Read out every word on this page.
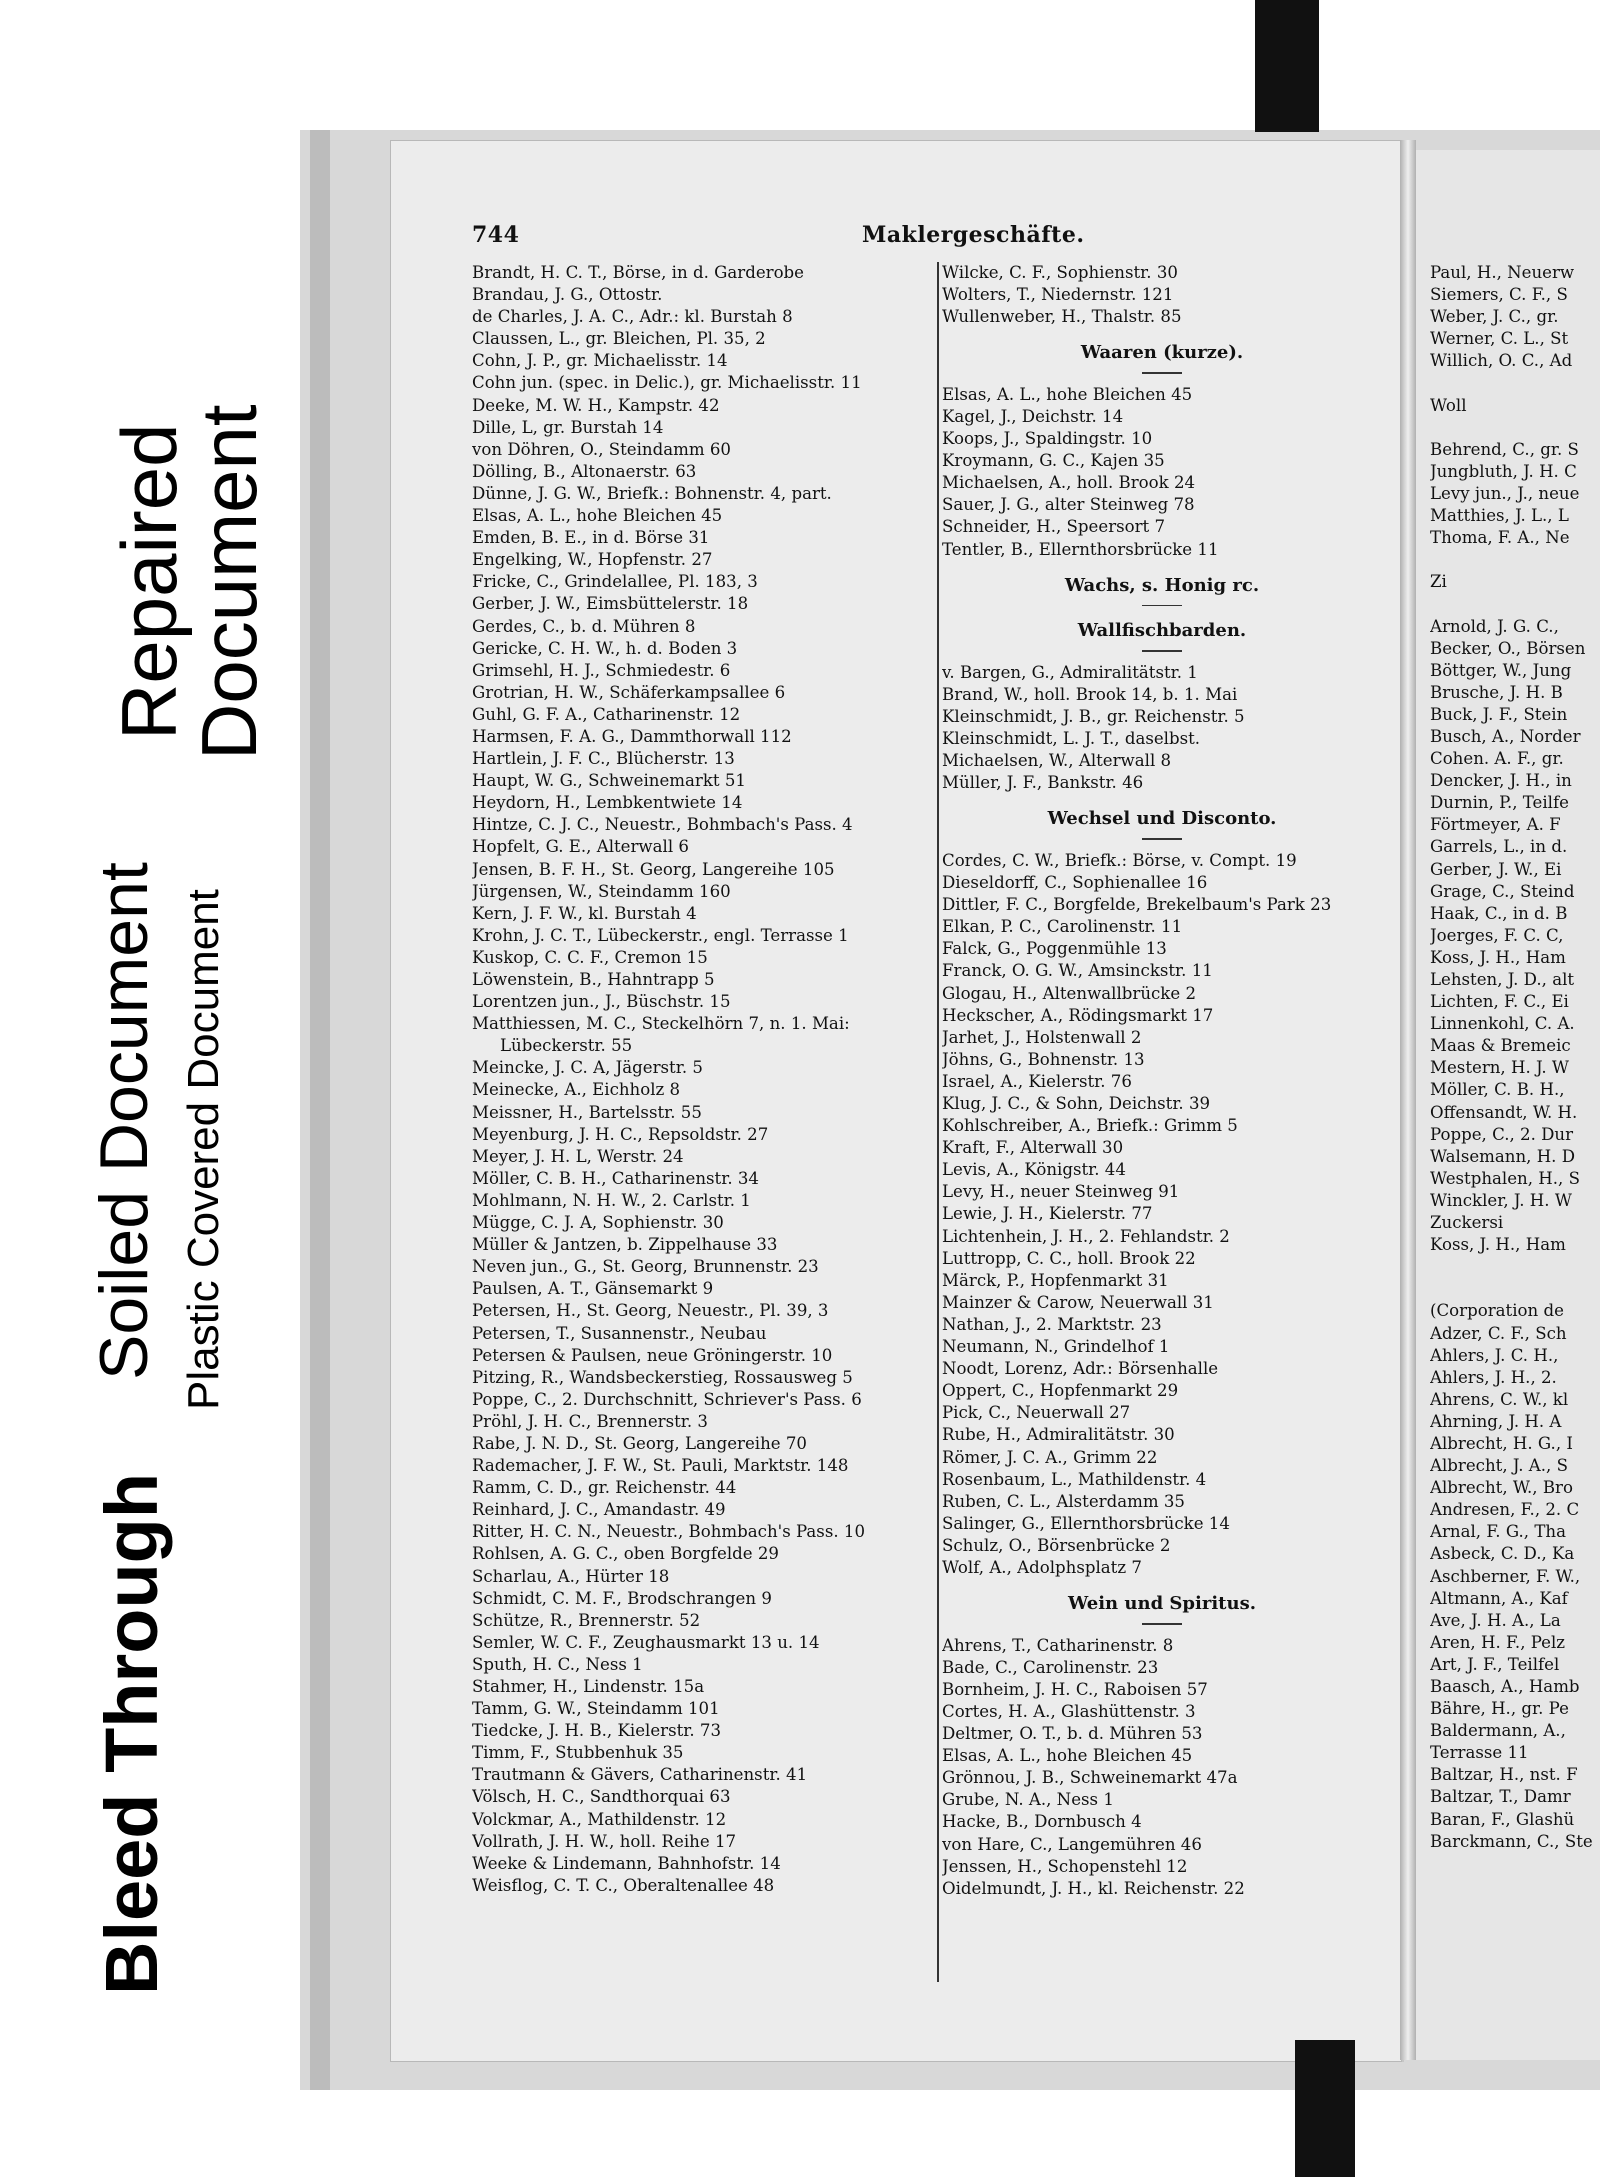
Bleed Through
Soiled Document Plastic Covered Document
Repaired
Document
744	Maklergeschäfte.
Brandt, H. C. T., Börse, in d. Garderobe
Brandau, J. G., Ottostr.
de Charles, J. A. C., Adr.: kl. Burstah 8
Claussen, L., gr. Bleichen, Pl. 35, 2
Cohn, J. P., gr. Michaelisstr. 14
Cohn jun. (spec. in Delic.), gr. Michaelisstr. 11
Deeke, M. W. H., Kampstr. 42
Dille, L, gr. Burstah 14
von Döhren, O., Steindamm 60
Dölling, B., Altonaerstr. 63
Dünne, J. G. W., Briefk.: Bohnenstr. 4, part.
Elsas, A. L., hohe Bleichen 45
Emden, B. E., in d. Börse 31
Engelking, W., Hopfenstr. 27
Fricke, C., Grindelallee, Pl. 183, 3
Gerber, J. W., Eimsbüttelerstr. 18
Gerdes, C., b. d. Mühren 8
Gericke, C. H. W., h. d. Boden 3
Grimsehl, H. J., Schmiedestr. 6
Grotrian, H. W., Schäferkampsallee 6
Guhl, G. F. A., Catharinenstr. 12
Harmsen, F. A. G., Dammthorwall 112
Hartlein, J. F. C., Blücherstr. 13
Haupt, W. G., Schweinemarkt 51
Heydorn, H., Lembkentwiete 14
Hintze, C. J. C., Neuestr., Bohmbach's Pass. 4
Hopfelt, G. E., Alterwall 6
Jensen, B. F. H., St. Georg, Langereihe 105
Jürgensen, W., Steindamm 160
Kern, J. F. W., kl. Burstah 4
Krohn, J. C. T., Lübeckerstr., engl. Terrasse 1
Kuskop, C. C. F., Cremon 15
Löwenstein, B., Hahntrapp 5
Lorentzen jun., J., Büschstr. 15
Matthiessen, M. C., Steckelhörn 7, n. 1. Mai:
Lübeckerstr. 55
Meincke, J. C. A, Jägerstr. 5
Meinecke, A., Eichholz 8
Meissner, H., Bartelsstr. 55
Meyenburg, J. H. C., Repsoldstr. 27
Meyer, J. H. L, Werstr. 24
Möller, C. B. H., Catharinenstr. 34
Mohlmann, N. H. W., 2. Carlstr. 1
Mügge, C. J. A, Sophienstr. 30
Müller & Jantzen, b. Zippelhause 33
Neven jun., G., St. Georg, Brunnenstr. 23
Paulsen, A. T., Gänsemarkt 9
Petersen, H., St. Georg, Neuestr., Pl. 39, 3
Petersen, T., Susannenstr., Neubau
Petersen & Paulsen, neue Gröningerstr. 10
Pitzing, R., Wandsbeckerstieg, Rossausweg 5
Poppe, C., 2. Durchschnitt, Schriever's Pass. 6
Pröhl, J. H. C., Brennerstr. 3
Rabe, J. N. D., St. Georg, Langereihe 70
Rademacher, J. F. W., St. Pauli, Marktstr. 148
Ramm, C. D., gr. Reichenstr. 44
Reinhard, J. C., Amandastr. 49
Ritter, H. C. N., Neuestr., Bohmbach's Pass. 10
Rohlsen, A. G. C., oben Borgfelde 29
Scharlau, A., Hürter 18
Schmidt, C. M. F., Brodschrangen 9
Schütze, R., Brennerstr. 52
Semler, W. C. F., Zeughausmarkt 13 u. 14
Sputh, H. C., Ness 1
Stahmer, H., Lindenstr. 15a
Tamm, G. W., Steindamm 101
Tiedcke, J. H. B., Kielerstr. 73
Timm, F., Stubbenhuk 35
Trautmann & Gävers, Catharinenstr. 41
Völsch, H. C., Sandthorquai 63
Volckmar, A., Mathildenstr. 12
Vollrath, J. H. W., holl. Reihe 17
Weeke & Lindemann, Bahnhofstr. 14
Weisflog, C. T. C., Oberaltenallee 48
Wilcke, C. F., Sophienstr. 30
Wolters, T., Niedernstr. 121
Wullenweber, H., Thalstr. 85
Waaren (kurze).
Elsas, A. L., hohe Bleichen 45
Kagel, J., Deichstr. 14
Koops, J., Spaldingstr. 10
Kroymann, G. C., Kajen 35
Michaelsen, A., holl. Brook 24
Sauer, J. G., alter Steinweg 78
Schneider, H., Speersort 7
Tentler, B., Ellernthorsbrücke 11
Wachs, s. Honig rc.
Wallfischbarden.
v. Bargen, G., Admiralitätstr. 1
Brand, W., holl. Brook 14, b. 1. Mai
Kleinschmidt, J. B., gr. Reichenstr. 5
Kleinschmidt, L. J. T., daselbst.
Michaelsen, W., Alterwall 8
Müller, J. F., Bankstr. 46
Wechsel und Disconto.
Cordes, C. W., Briefk.: Börse, v. Compt. 19
Dieseldorff, C., Sophienallee 16
Dittler, F. C., Borgfelde, Brekelbaum's Park 23
Elkan, P. C., Carolinenstr. 11
Falck, G., Poggenmühle 13
Franck, O. G. W., Amsinckstr. 11
Glogau, H., Altenwallbrücke 2
Heckscher, A., Rödingsmarkt 17
Jarhet, J., Holstenwall 2
Jöhns, G., Bohnenstr. 13
Israel, A., Kielerstr. 76
Klug, J. C., & Sohn, Deichstr. 39
Kohlschreiber, A., Briefk.: Grimm 5
Kraft, F., Alterwall 30
Levis, A., Königstr. 44
Levy, H., neuer Steinweg 91
Lewie, J. H., Kielerstr. 77
Lichtenhein, J. H., 2. Fehlandstr. 2
Luttropp, C. C., holl. Brook 22
Märck, P., Hopfenmarkt 31
Mainzer & Carow, Neuerwall 31
Nathan, J., 2. Marktstr. 23
Neumann, N., Grindelhof 1
Noodt, Lorenz, Adr.: Börsenhalle
Oppert, C., Hopfenmarkt 29
Pick, C., Neuerwall 27
Rube, H., Admiralitätstr. 30
Römer, J. C. A., Grimm 22
Rosenbaum, L., Mathildenstr. 4
Ruben, C. L., Alsterdamm 35
Salinger, G., Ellernthorsbrücke 14
Schulz, O., Börsenbrücke 2
Wolf, A., Adolphsplatz 7
Wein und Spiritus.
Ahrens, T., Catharinenstr. 8
Bade, C., Carolinenstr. 23
Bornheim, J. H. C., Raboisen 57
Cortes, H. A., Glashüttenstr. 3
Deltmer, O. T., b. d. Mühren 53
Elsas, A. L., hohe Bleichen 45
Grönnou, J. B., Schweinemarkt 47a
Grube, N. A., Ness 1
Hacke, B., Dornbusch 4
von Hare, C., Langemühren 46
Jenssen, H., Schopenstehl 12
Oidelmundt, J. H., kl. Reichenstr. 22
Paul, H., Neuerw
Siemers, C. F., S
Weber, J. C., gr.
Werner, C. L., St
Willich, O. C., Ad

Woll

Behrend, C., gr. S
Jungbluth, J. H. C
Levy jun., J., neue
Matthies, J. L., L
Thoma, F. A., Ne

Zi

Arnold, J. G. C.,
Becker, O., Börsen
Böttger, W., Jung
Brusche, J. H. B
Buck, J. F., Stein
Busch, A., Norder
Cohen. A. F., gr.
Dencker, J. H., in
Durnin, P., Teilfe
Förtmeyer, A. F
Garrels, L., in d.
Gerber, J. W., Ei
Grage, C., Steind
Haak, C., in d. B
Joerges, F. C. C,
Koss, J. H., Ham
Lehsten, J. D., alt
Lichten, F. C., Ei
Linnenkohl, C. A.
Maas & Bremeic
Mestern, H. J. W
Möller, C. B. H.,
Offensandt, W. H.
Poppe, C., 2. Dur
Walsemann, H. D
Westphalen, H., S
Winckler, J. H. W
Zuckersi
Koss, J. H., Ham

(Corporation de
Adzer, C. F., Sch
Ahlers, J. C. H.,
Ahlers, J. H., 2.
Ahrens, C. W., kl
Ahrning, J. H. A
Albrecht, H. G., I
Albrecht, J. A., S
Albrecht, W., Bro
Andresen, F., 2. C
Arnal, F. G., Tha
Asbeck, C. D., Ka
Aschberner, F. W.,
Altmann, A., Kaf
Ave, J. H. A., La
Aren, H. F., Pelz
Art, J. F., Teilfel
Baasch, A., Hamb
Bähre, H., gr. Pe
Baldermann, A.,
Terrasse 11
Baltzar, H., nst. F
Baltzar, T., Damr
Baran, F., Glashü
Barckmann, C., Ste
